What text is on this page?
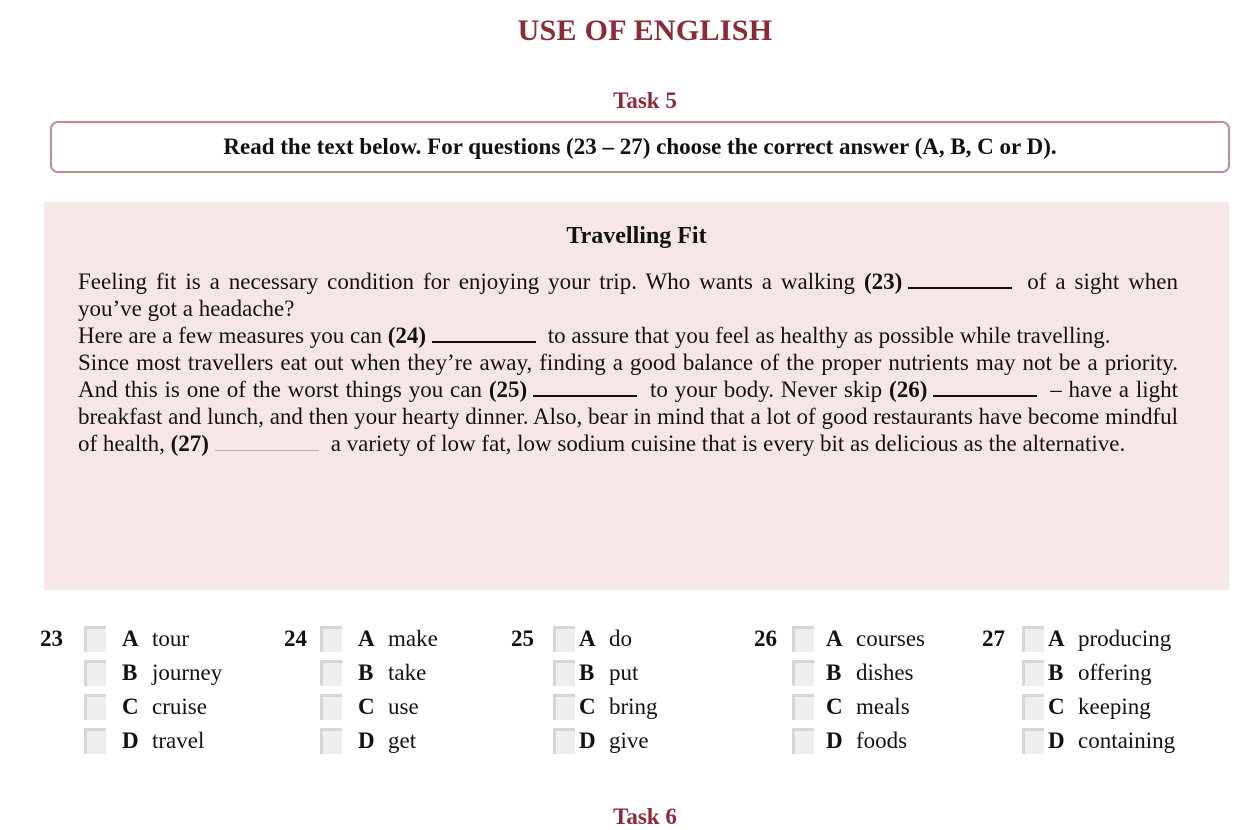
USE OF ENGLISH
Task 5
Read the text below. For questions (23 – 27) choose the correct answer (A, B, C or D).
Travelling Fit

Feeling fit is a necessary condition for enjoying your trip. Who wants a walking (23)	of a sight when you’ve got a headache?

Here are a few measures you can (24)	to assure that you feel as healthy as possible while travelling.

Since most travellers eat out when they’re away, finding a good balance of the proper nutrients may not be a priority. And this is one of the worst things you can (25)	to your body. Never skip (26)	– have a light breakfast and lunch, and then your hearty dinner. Also, bear in mind that a lot of good restaurants have become mindful of health, (27)	a variety of low fat, low sodium cuisine that is every bit as delicious as the alternative.

23	A tour
B journey
C cruise
D travel
24 A make
B take
C use
D get
25 A do
B put
C bring
D give
26 A courses
B dishes
C meals
D foods
27 A producing
B offering
C keeping
D containing
Task 6
